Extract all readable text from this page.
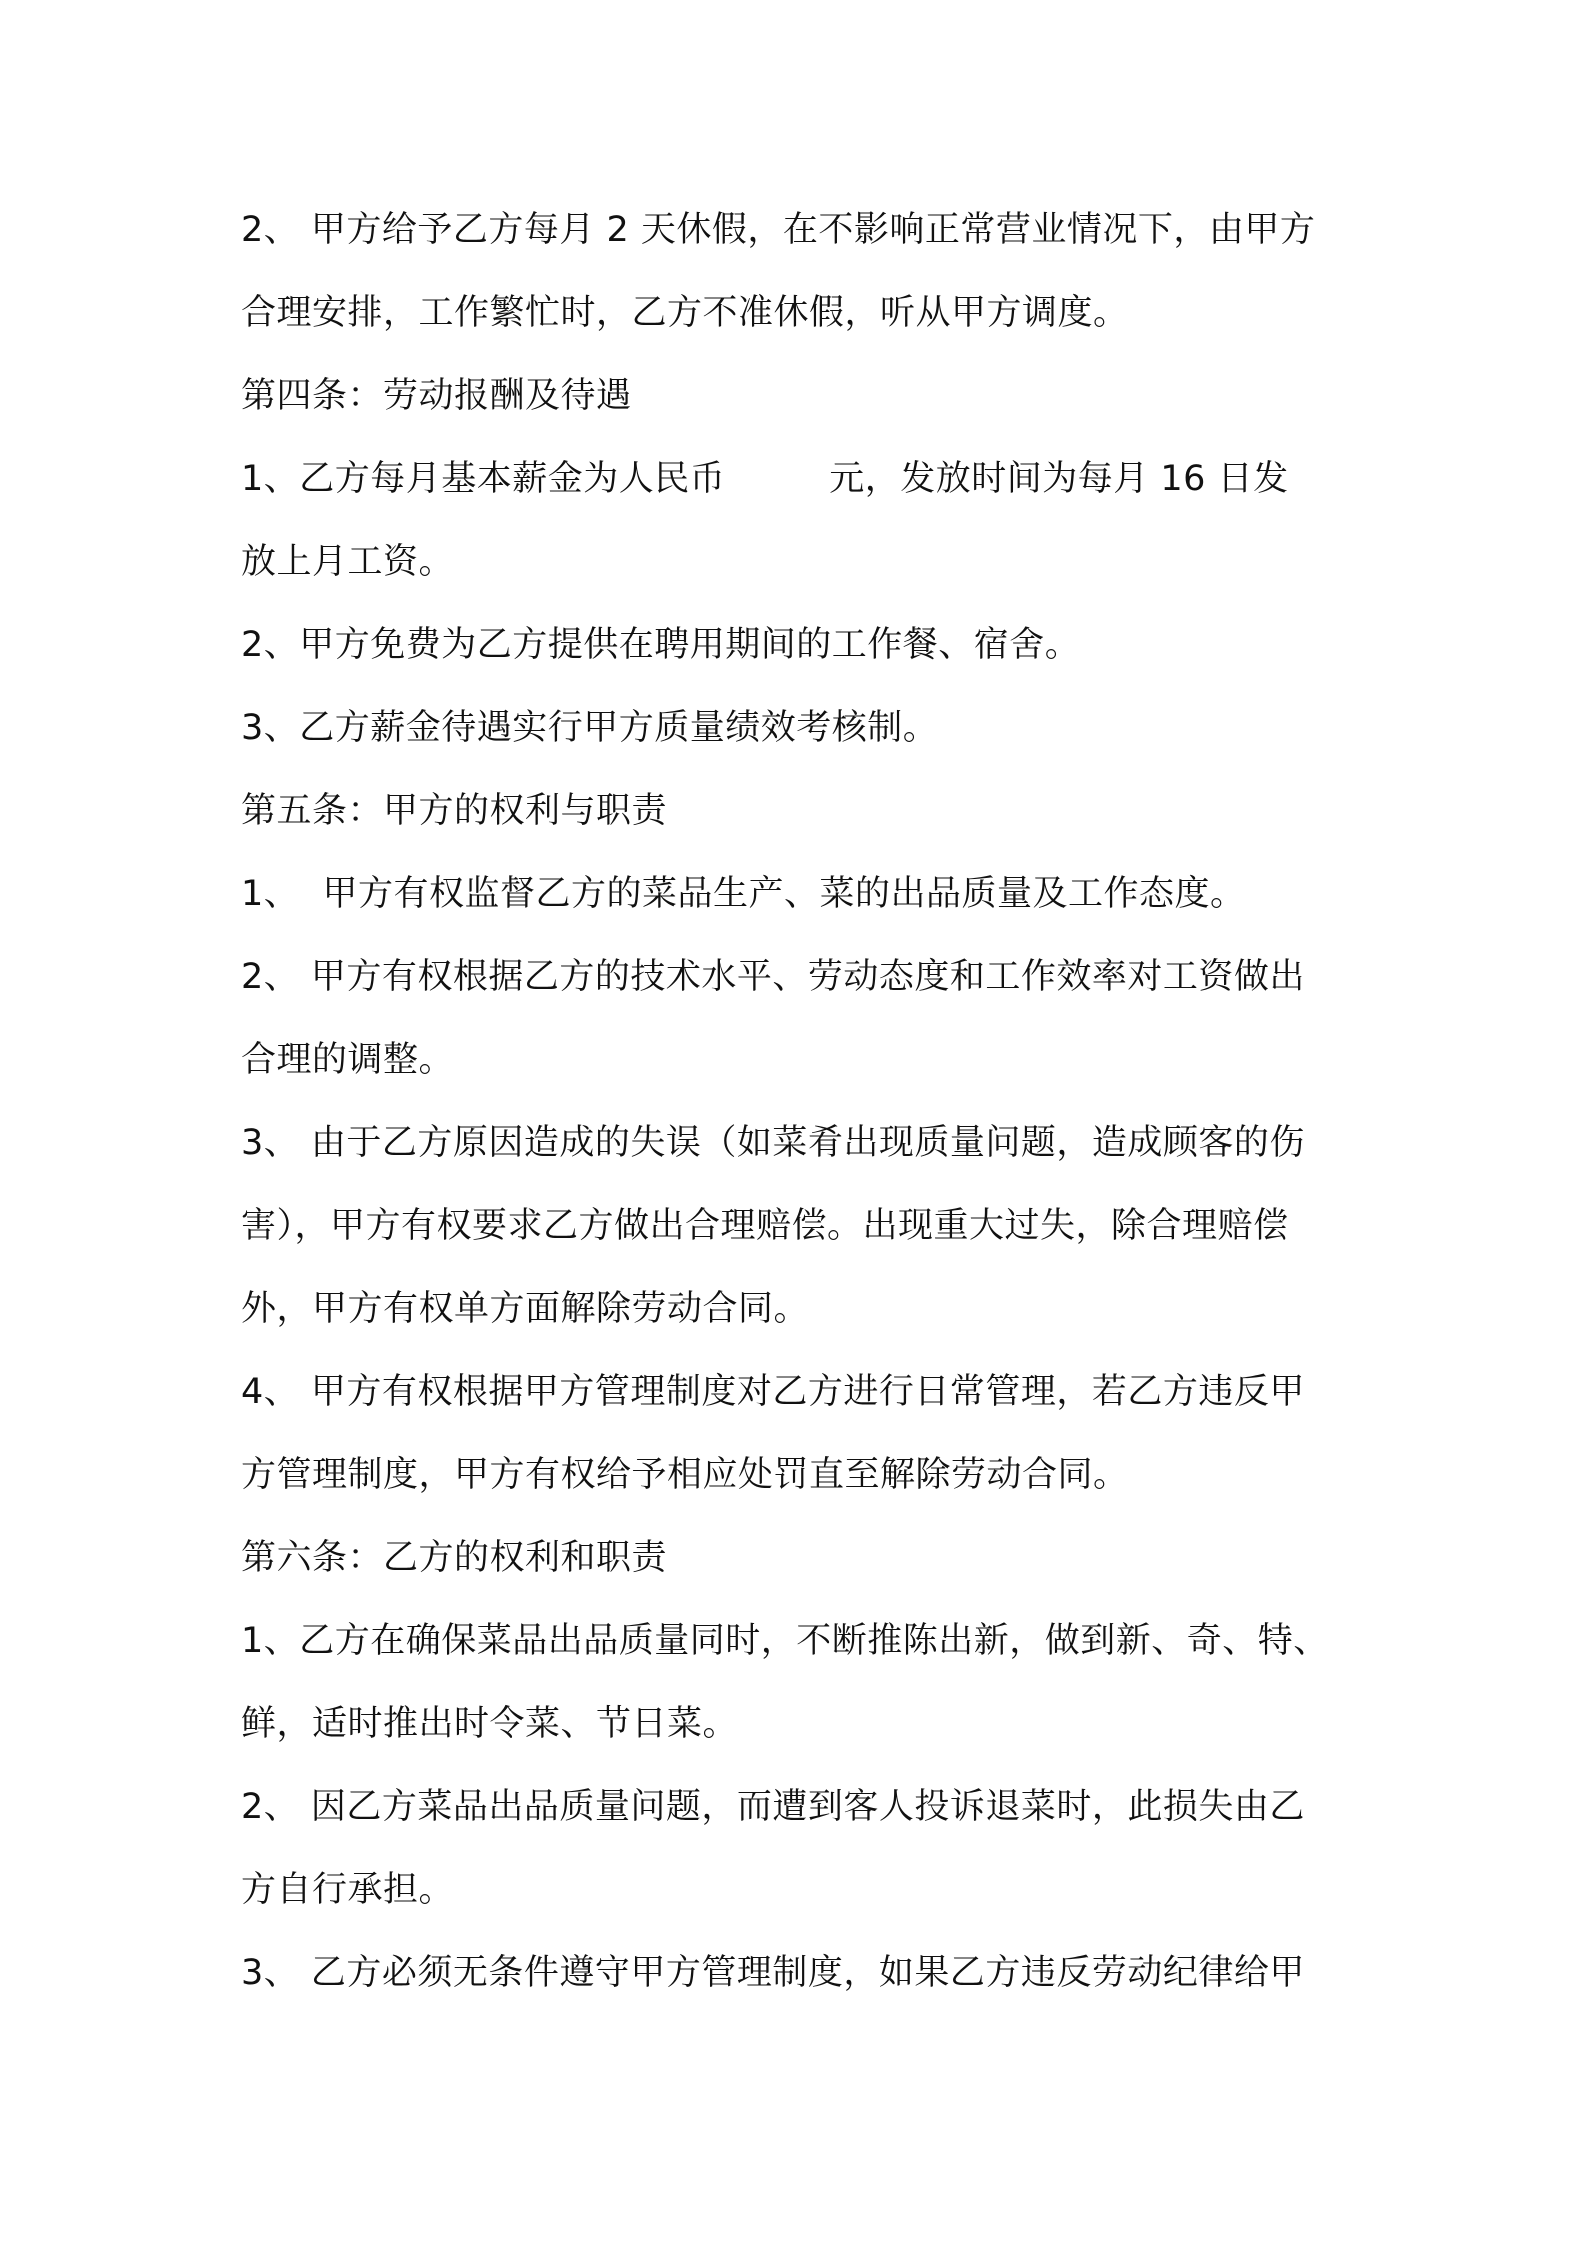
2、 甲方给予乙方每月 2 天休假，在不影响正常营业情况下，由甲方
合理安排，工作繁忙时，乙方不准休假，听从甲方调度。
第四条：劳动报酬及待遇
1、乙方每月基本薪金为人民币	元，发放时间为每月 16 日发
放上月工资。
2、甲方免费为乙方提供在聘用期间的工作餐、宿舍。
3、乙方薪金待遇实行甲方质量绩效考核制。
第五条：甲方的权利与职责
1、  甲方有权监督乙方的菜品生产、菜的出品质量及工作态度。
2、 甲方有权根据乙方的技术水平、劳动态度和工作效率对工资做出
合理的调整。
3、 由于乙方原因造成的失误（如菜肴出现质量问题，造成顾客的伤
害），甲方有权要求乙方做出合理赔偿。出现重大过失，除合理赔偿
外，甲方有权单方面解除劳动合同。
4、 甲方有权根据甲方管理制度对乙方进行日常管理，若乙方违反甲
方管理制度，甲方有权给予相应处罚直至解除劳动合同。
第六条：乙方的权利和职责
1、乙方在确保菜品出品质量同时，不断推陈出新，做到新、奇、特、
鲜，适时推出时令菜、节日菜。
2、 因乙方菜品出品质量问题，而遭到客人投诉退菜时，此损失由乙
方自行承担。
3、 乙方必须无条件遵守甲方管理制度，如果乙方违反劳动纪律给甲
